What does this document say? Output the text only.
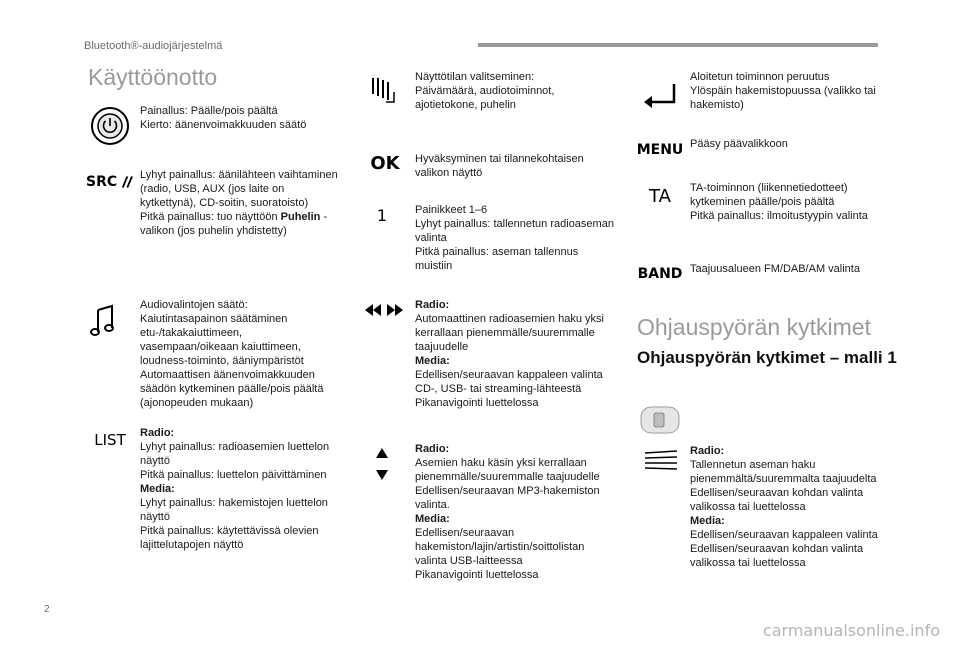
Bluetooth®-audiojärjestelmä
Käyttöönotto
Painallus: Päälle/pois päältä
Kierto: äänenvoimakkuuden säätö
SRC Lyhyt painallus: äänilähteen vaihtaminen (radio, USB, AUX (jos laite on kytkettynä), CD-soitin, suoratoisto)
Pitkä painallus: tuo näyttöön Puhelin -valikon (jos puhelin yhdistetty)
Audiovalintojen säätö:
Kaiutintasapainon säätäminen etu-/takakaiuttimeen, vasempaan/oikeaan kaiuttimeen, loudness-toiminto, ääniympäristöt
Automaattisen äänenvoimakkuuden säädön kytkeminen päälle/pois päältä (ajonopeuden mukaan)
LIST Radio:
Lyhyt painallus: radioasemien luettelon näyttö
Pitkä painallus: luettelon päivittäminen
Media:
Lyhyt painallus: hakemistojen luettelon näyttö
Pitkä painallus: käytettävissä olevien lajittelutapojen näyttö
Näyttötilan valitseminen:
Päivämäärä, audiotoiminnot, ajotietokone, puhelin
OK Hyväksyminen tai tilannekohtaisen valikon näyttö
1	Painikkeet 1–6
Lyhyt painallus: tallennetun radioaseman valinta
Pitkä painallus: aseman tallennus muistiin
Radio:
Automaattinen radioasemien haku yksi kerrallaan pienemmälle/suuremmalle taajuudelle
Media:
Edellisen/seuraavan kappaleen valinta CD-, USB- tai streaming-lähteestä
Pikanavigointi luettelossa
Radio:
Asemien haku käsin yksi kerrallaan pienemmälle/suuremmalle taajuudelle
Edellisen/seuraavan MP3-hakemiston valinta.
Media:
Edellisen/seuraavan hakemiston/lajin/artistin/soittolistan valinta USB-laitteessa
Pikanavigointi luettelossa
Aloitetun toiminnon peruutus
Ylöspäin hakemistopuussa (valikko tai hakemisto)
MENU Pääsy päävalikkoon
TA TA-toiminnon (liikennetiedotteet) kytkeminen päälle/pois päältä
Pitkä painallus: ilmoitustyypin valinta
BAND Taajuusalueen FM/DAB/AM valinta
Ohjauspyörän kytkimet
Ohjauspyörän kytkimet – malli 1
Radio:
Tallennetun aseman haku pienemmältä/suuremmalta taajuudelta
Edellisen/seuraavan kohdan valinta valikossa tai luettelossa
Media:
Edellisen/seuraavan kappaleen valinta
Edellisen/seuraavan kohdan valinta valikossa tai luettelossa
2
carmanualsonline.info
